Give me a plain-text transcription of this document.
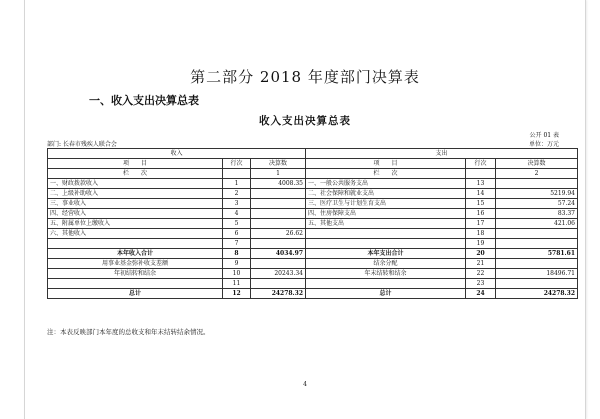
第二部分 2018 年度部门决算表
一、收入支出决算总表
收入支出决算总表
公开 01 表
部门: 长春市残疾人联合会	单位：万元
收入			支出		
项　　目	行次	决算数	项　　目	行次	决算数
栏　　次		1	栏　　次		2
一、财政拨款收入	1	4008.35	一、一般公共服务支出	13	
二、上级补助收入	2		二、社会保障和就业支出	14	5219.94
三、事业收入	3		三、医疗卫生与计划生育支出	15	57.24
四、经营收入	4		四、住房保障支出	16	83.37
五、附属单位上缴收入	5		五、其他支出	17	421.06
六、其他收入	6	26.62		18	
	7			19	
本年收入合计	8	4034.97	本年支出合计	20	5781.61
用事业基金弥补收支差额	9		结余分配	21	
年初结转和结余	10	20243.34	年末结转和结余	22	18496.71
	11			23	
总计	12	24278.32	总计	24	24278.32
注：本表反映部门本年度的总收支和年末结转结余情况。
4
